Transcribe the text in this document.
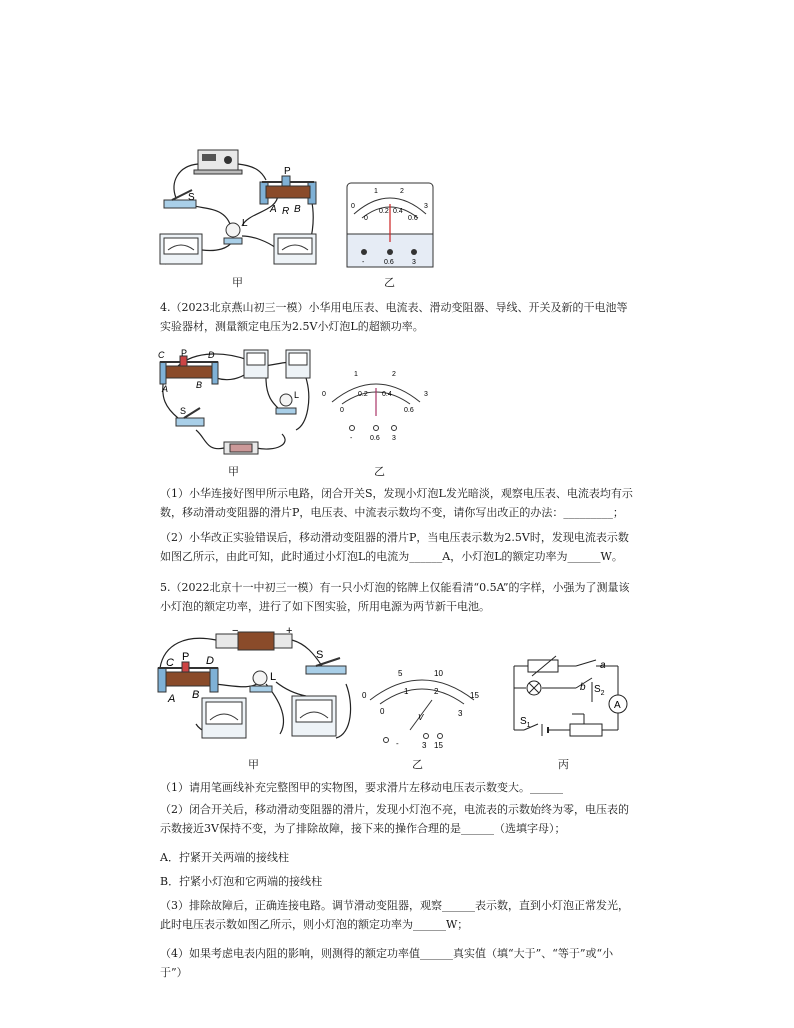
P
S
A R B
L
0
1	2
3
0
0.2 0.4
0.6
-	0.6	3
甲	乙

4.（2023北京燕山初三一模）小华用电压表、电流表、滑动变阻器、导线、开关及新的干电池等实验器材，测量额定电压为2.5V小灯泡L的超额功率。

C P D
A	B
S
L	0
1	2
3
0
0.2 0.4
0.6
-	0.6 3
甲	乙

（1）小华连接好图甲所示电路，闭合开关S，发现小灯泡L发光暗淡，观察电压表、电流表均有示数，移动滑动变阻器的滑片P，电压表、中流表示数均不变，请你写出改正的办法：_________；

（2）小华改正实验错误后，移动滑动变阻器的滑片P，当电压表示数为2.5V时，发现电流表示数如图乙所示，由此可知，此时通过小灯泡L的电流为______A，小灯泡L的额定功率为______W。

5.（2022北京十一中初三一模）有一只小灯泡的铭牌上仅能看清“0.5A”的字样，小强为了测量该小灯泡的额定功率，进行了如下图实验，所用电源为两节新干电池。

−	+
C P D
A B
L
S
0
5	10
15
0
1	2
3
V
-	3 15
a
b $S_2$
$S_1$
A
甲	乙	丙

（1）请用笔画线补充完整图甲的实物图，要求滑片左移动电压表示数变大。______

（2）闭合开关后，移动滑动变阻器的滑片，发现小灯泡不亮，电流表的示数始终为零，电压表的示数接近3V保持不变，为了排除故障，接下来的操作合理的是______（选填字母）；

A．拧紧开关两端的接线柱

B．拧紧小灯泡和它两端的接线柱

（3）排除故障后，正确连接电路。调节滑动变阻器，观察______表示数，直到小灯泡正常发光，此时电压表示数如图乙所示，则小灯泡的额定功率为______W；

（4）如果考虑电表内阻的影响，则测得的额定功率值______真实值（填“大于”、“等于”或“小于”）
